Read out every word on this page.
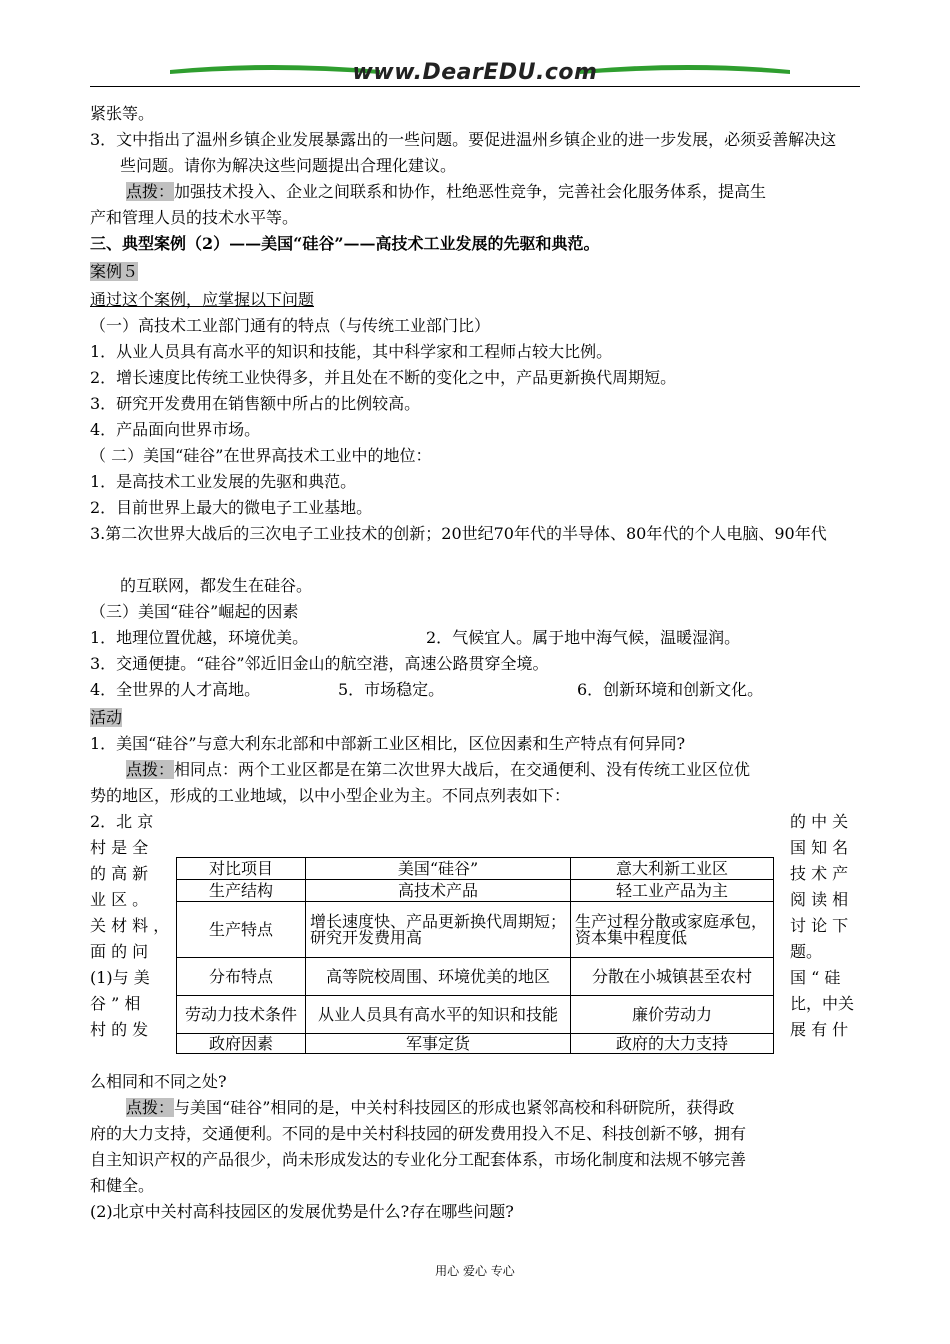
www.DearEDU.com
紧张等。
3．文中指出了温州乡镇企业发展暴露出的一些问题。要促进温州乡镇企业的进一步发展，必须妥善解决这
些问题。请你为解决这些问题提出合理化建议。
点拨：加强技术投入、企业之间联系和协作，杜绝恶性竞争，完善社会化服务体系，提高生
产和管理人员的技术水平等。
三、典型案例（2）——美国“硅谷”——高技术工业发展的先驱和典范。
案例５
通过这个案例，应掌握以下问题
（一）高技术工业部门通有的特点（与传统工业部门比）
1．从业人员具有高水平的知识和技能，其中科学家和工程师占较大比例。
2．增长速度比传统工业快得多，并且处在不断的变化之中，产品更新换代周期短。
3．研究开发费用在销售额中所占的比例较高。
4．产品面向世界市场。
（ 二）美国“硅谷”在世界高技术工业中的地位：
1．是高技术工业发展的先驱和典范。
2．目前世界上最大的微电子工业基地。
3.第二次世界大战后的三次电子工业技术的创新；20世纪70年代的半导体、80年代的个人电脑、90年代
的互联网，都发生在硅谷。
（三）美国“硅谷”崛起的因素
1．地理位置优越，环境优美。	2．气候宜人。属于地中海气候，温暖湿润。
3．交通便捷。“硅谷”邻近旧金山的航空港，高速公路贯穿全境。
4．全世界的人才高地。	5．市场稳定。	6．创新环境和创新文化。
活动
1．美国“硅谷”与意大利东北部和中部新工业区相比，区位因素和生产特点有何异同?
点拨：相同点：两个工业区都是在第二次世界大战后，在交通便利、没有传统工业区位优
势的地区，形成的工业地域，以中小型企业为主。不同点列表如下：
2．北 京
村 是 全
的 高 新
业 区 。
关 材 料 ，
面 的 问
(1)与 美
谷 ” 相
村 的 发
的 中 关
国 知 名
技 术 产
阅 读 相
讨 论 下
题。
国 “ 硅
比，中关
展 有 什
对比项目	美国“硅谷”	意大利新工业区
生产结构	高技术产品	轻工业产品为主
生产特点	增长速度快、产品更新换代周期短；研究开发费用高	生产过程分散或家庭承包，资本集中程度低
分布特点	高等院校周围、环境优美的地区	分散在小城镇甚至农村
劳动力技术条件	从业人员具有高水平的知识和技能	廉价劳动力
政府因素	军事定货	政府的大力支持
么相同和不同之处?
点拨：与美国“硅谷”相同的是，中关村科技园区的形成也紧邻高校和科研院所，获得政
府的大力支持，交通便利。不同的是中关村科技园的研发费用投入不足、科技创新不够，拥有
自主知识产权的产品很少，尚未形成发达的专业化分工配套体系，市场化制度和法规不够完善
和健全。
(2)北京中关村高科技园区的发展优势是什么?存在哪些问题?
用心 爱心 专心
